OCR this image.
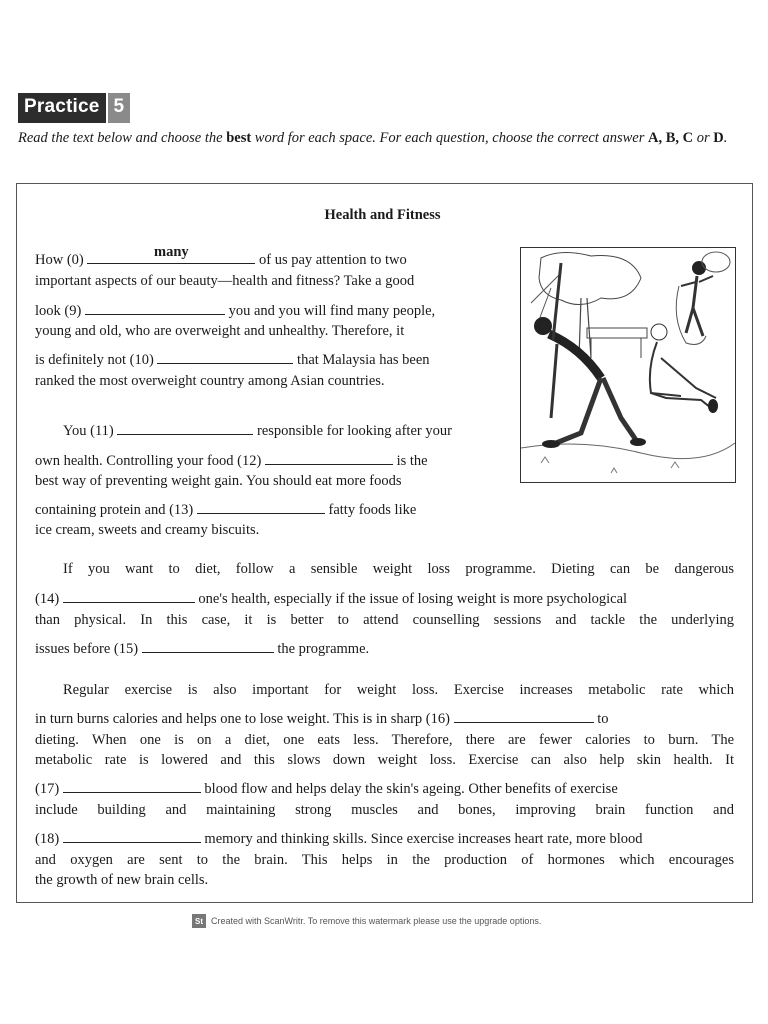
Practice 5
Read the text below and choose the best word for each space. For each question, choose the correct answer A, B, C or D.
Health and Fitness
How (0)	many	of us pay attention to two
important aspects of our beauty—health and fitness? Take a good
look (9)	you and you will find many people,
young and old, who are overweight and unhealthy. Therefore, it
is definitely not (10)	that Malaysia has been
ranked the most overweight country among Asian countries.
You (11)	responsible for looking after your
own health. Controlling your food (12)	is the
best way of preventing weight gain. You should eat more foods
containing protein and (13)	fatty foods like
ice cream, sweets and creamy biscuits.
If you want to diet, follow a sensible weight loss programme. Dieting can be dangerous
(14)	one's health, especially if the issue of losing weight is more psychological
than physical. In this case, it is better to attend counselling sessions and tackle the underlying
issues before (15)	the programme.
Regular exercise is also important for weight loss. Exercise increases metabolic rate which
in turn burns calories and helps one to lose weight. This is in sharp (16)	to
dieting. When one is on a diet, one eats less. Therefore, there are fewer calories to burn. The
metabolic rate is lowered and this slows down weight loss. Exercise can also help skin health. It
(17)	blood flow and helps delay the skin's ageing. Other benefits of exercise
include building and maintaining strong muscles and bones, improving brain function and
(18)	memory and thinking skills. Since exercise increases heart rate, more blood
and oxygen are sent to the brain. This helps in the production of hormones which encourages
the growth of new brain cells.
St Created with ScanWritr. To remove this watermark please use the upgrade options.
